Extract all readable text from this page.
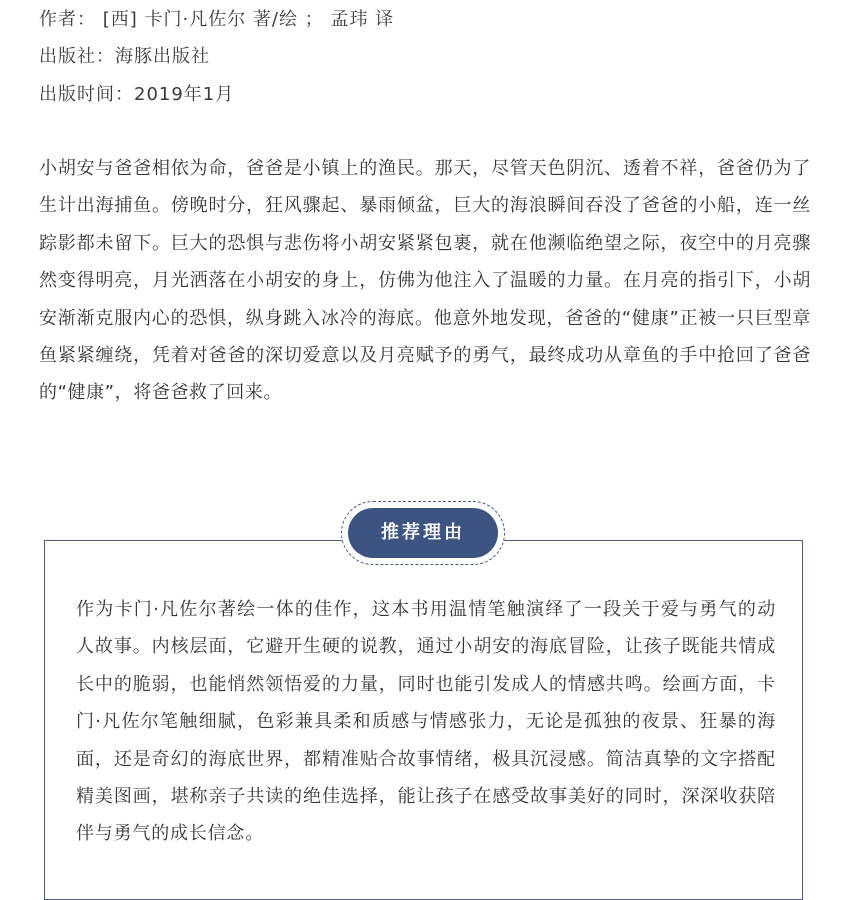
作者： [西] 卡门·凡佐尔 著/绘 ； 孟玮 译
出版社：海豚出版社
出版时间：2019年1月

小胡安与爸爸相依为命，爸爸是小镇上的渔民。那天，尽管天色阴沉、透着不祥，爸爸仍为了生计出海捕鱼。傍晚时分，狂风骤起、暴雨倾盆，巨大的海浪瞬间吞没了爸爸的小船，连一丝踪影都未留下。巨大的恐惧与悲伤将小胡安紧紧包裹，就在他濒临绝望之际，夜空中的月亮骤然变得明亮，月光洒落在小胡安的身上，仿佛为他注入了温暖的力量。在月亮的指引下，小胡安渐渐克服内心的恐惧，纵身跳入冰冷的海底。他意外地发现，爸爸的“健康”正被一只巨型章鱼紧紧缠绕，凭着对爸爸的深切爱意以及月亮赋予的勇气，最终成功从章鱼的手中抢回了爸爸的“健康”，将爸爸救了回来。

推荐理由

作为卡门·凡佐尔著绘一体的佳作，这本书用温情笔触演绎了一段关于爱与勇气的动人故事。内核层面，它避开生硬的说教，通过小胡安的海底冒险，让孩子既能共情成长中的脆弱，也能悄然领悟爱的力量，同时也能引发成人的情感共鸣。绘画方面，卡门·凡佐尔笔触细腻，色彩兼具柔和质感与情感张力，无论是孤独的夜景、狂暴的海面，还是奇幻的海底世界，都精准贴合故事情绪，极具沉浸感。简洁真挚的文字搭配精美图画，堪称亲子共读的绝佳选择，能让孩子在感受故事美好的同时，深深收获陪伴与勇气的成长信念。
